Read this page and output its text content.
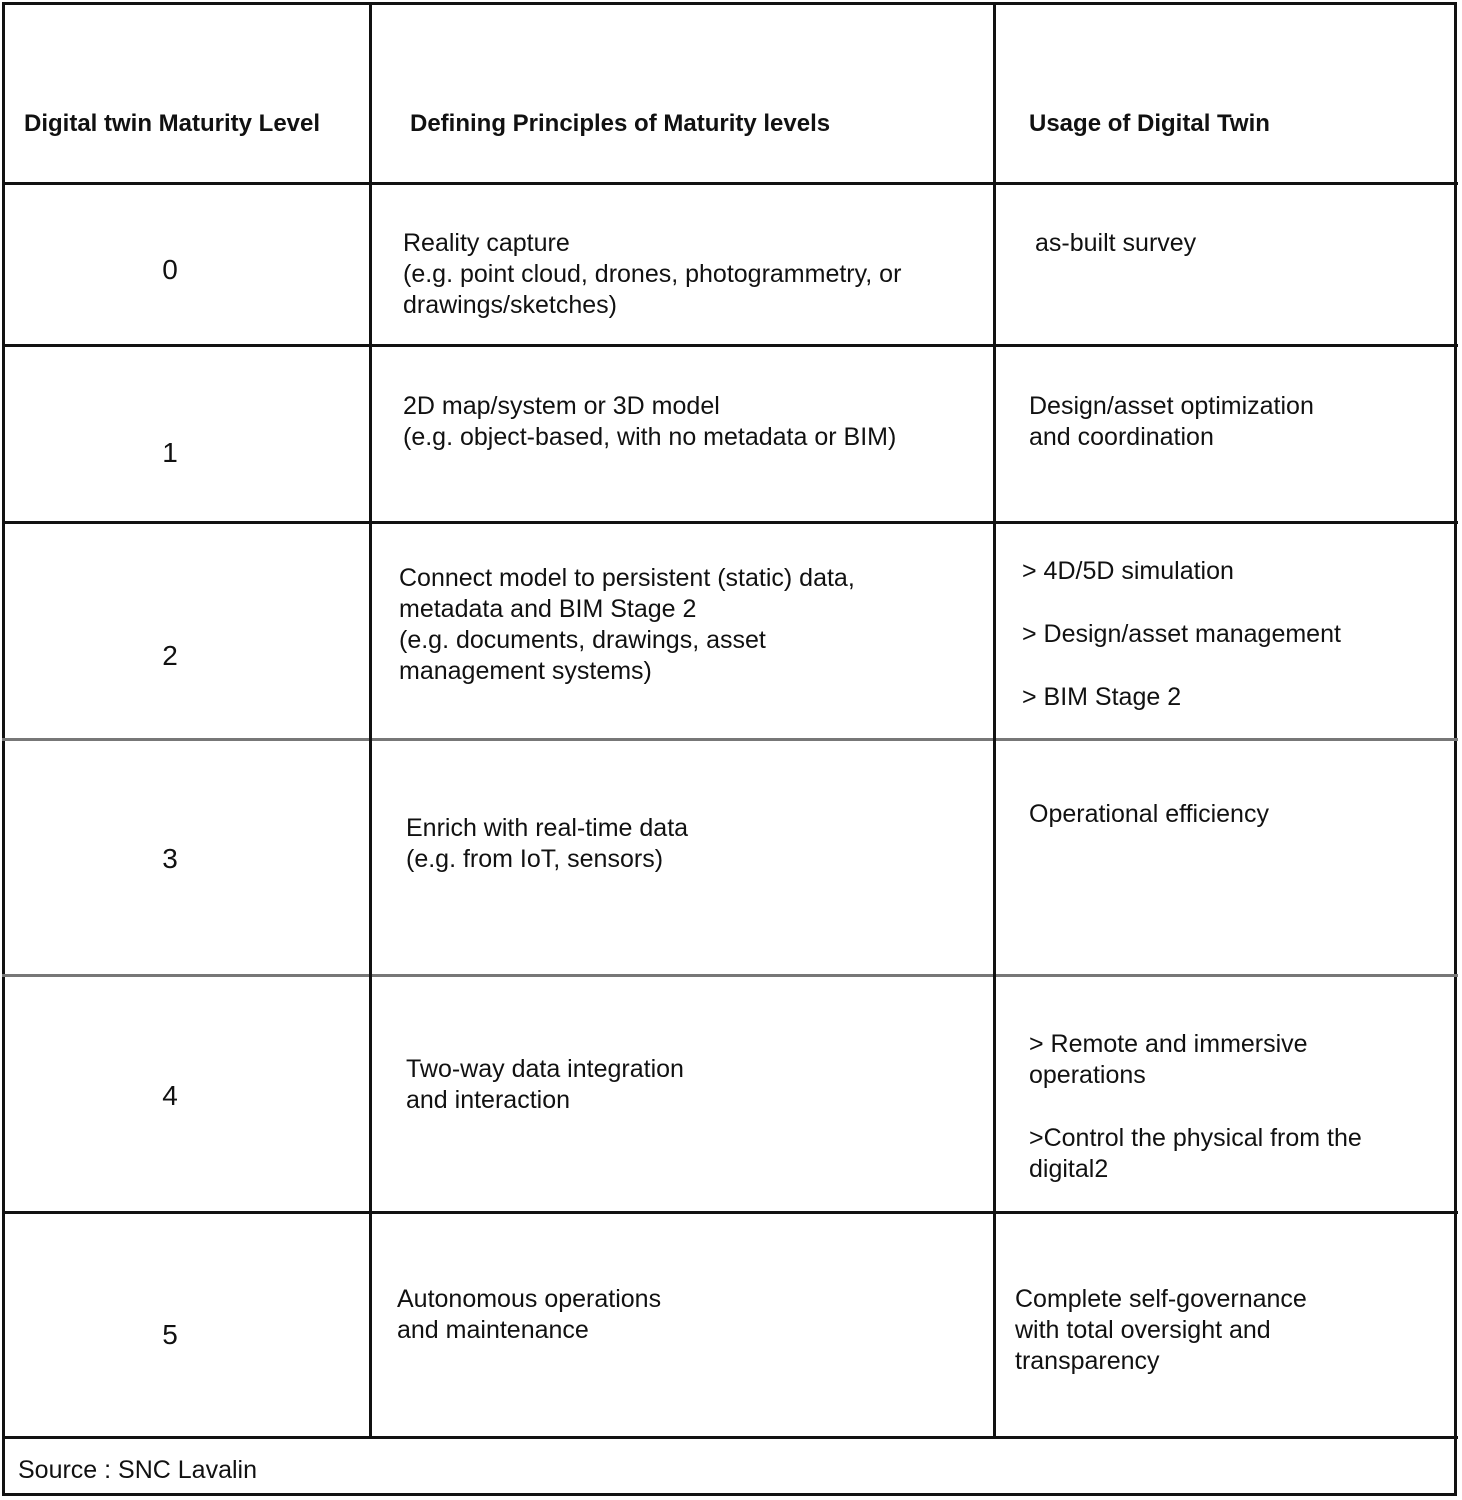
Digital twin Maturity Level	Defining Principles of Maturity levels	Usage of Digital Twin
0
Reality capture
(e.g. point cloud, drones, photogrammetry, or
drawings/sketches)
as-built survey
1
2D map/system or 3D model
(e.g. object-based, with no metadata or BIM)
Design/asset optimization
and coordination
2
Connect model to persistent (static) data,
metadata and BIM Stage 2
(e.g. documents, drawings, asset
management systems)
> 4D/5D simulation
> Design/asset management
> BIM Stage 2
3
Enrich with real-time data
(e.g. from IoT, sensors)
Operational efficiency
4
Two-way data integration
and interaction
> Remote and immersive
operations
>Control the physical from the
digital2
5
Autonomous operations
and maintenance
Complete self-governance
with total oversight and
transparency
Source : SNC Lavalin
